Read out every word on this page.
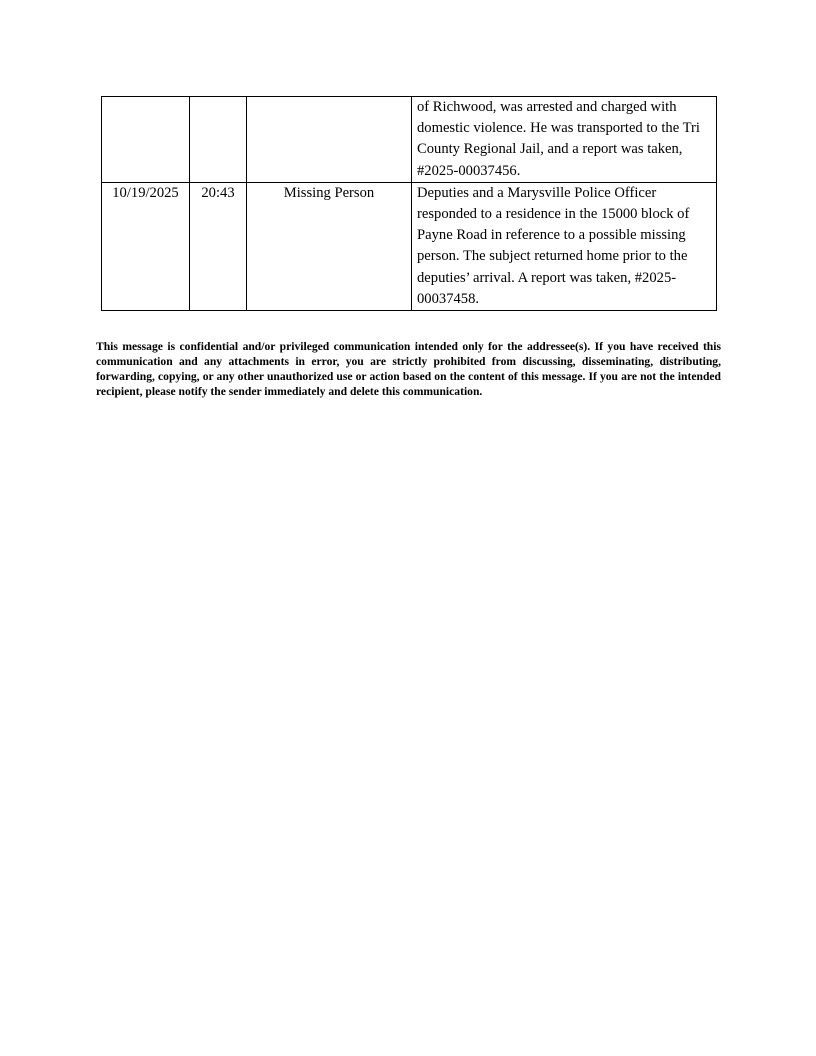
			of Richwood, was arrested and charged with domestic violence. He was transported to the Tri County Regional Jail, and a report was taken, #2025-00037456.
10/19/2025	20:43	Missing Person	Deputies and a Marysville Police Officer responded to a residence in the 15000 block of Payne Road in reference to a possible missing person. The subject returned home prior to the deputies’ arrival. A report was taken, #2025-00037458.

This message is confidential and/or privileged communication intended only for the addressee(s). If you have received this communication and any attachments in error, you are strictly prohibited from discussing, disseminating, distributing, forwarding, copying, or any other unauthorized use or action based on the content of this message. If you are not the intended recipient, please notify the sender immediately and delete this communication.
